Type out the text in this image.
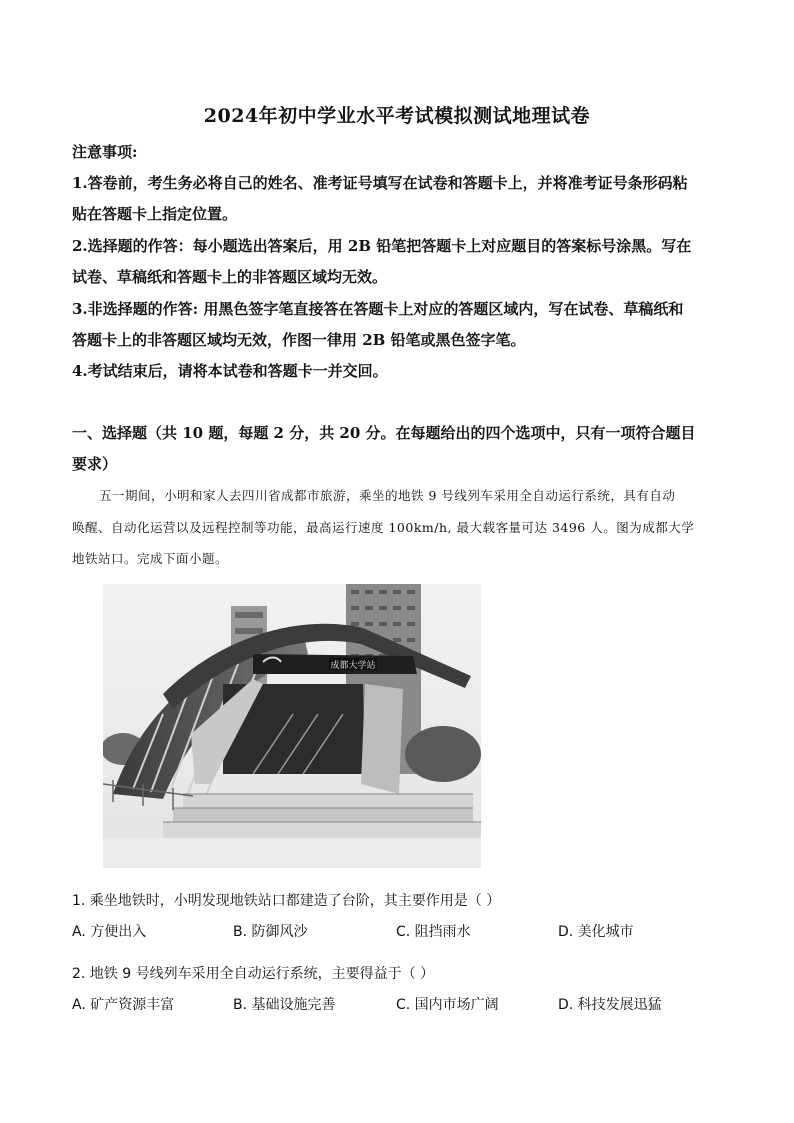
2024年初中学业水平考试模拟测试地理试卷
注意事项:
1.答卷前，考生务必将自己的姓名、准考证号填写在试卷和答题卡上，并将准考证号条形码粘
贴在答题卡上指定位置。
2.选择题的作答：每小题选出答案后，用 2B 铅笔把答题卡上对应题目的答案标号涂黑。写在
试卷、草稿纸和答题卡上的非答题区域均无效。
3.非选择题的作答: 用黑色签字笔直接答在答题卡上对应的答题区域内，写在试卷、草稿纸和
答题卡上的非答题区域均无效，作图一律用 2B 铅笔或黑色签字笔。
4.考试结束后，请将本试卷和答题卡一并交回。
一、选择题（共 10 题，每题 2 分，共 20 分。在每题给出的四个选项中，只有一项符合题目
要求）
五一期间，小明和家人去四川省成都市旅游，乘坐的地铁 9 号线列车采用全自动运行系统，具有自动
唤醒、自动化运营以及远程控制等功能，最高运行速度 100km/h, 最大载客量可达 3496 人。图为成都大学
地铁站口。完成下面小题。
成都大学站
1. 乘坐地铁时，小明发现地铁站口都建造了台阶，其主要作用是（ ）
A. 方便出入	B. 防御风沙	C. 阻挡雨水	D. 美化城市
2. 地铁 9 号线列车采用全自动运行系统，主要得益于（ ）
A. 矿产资源丰富	B. 基础设施完善	C. 国内市场广阔	D. 科技发展迅猛
